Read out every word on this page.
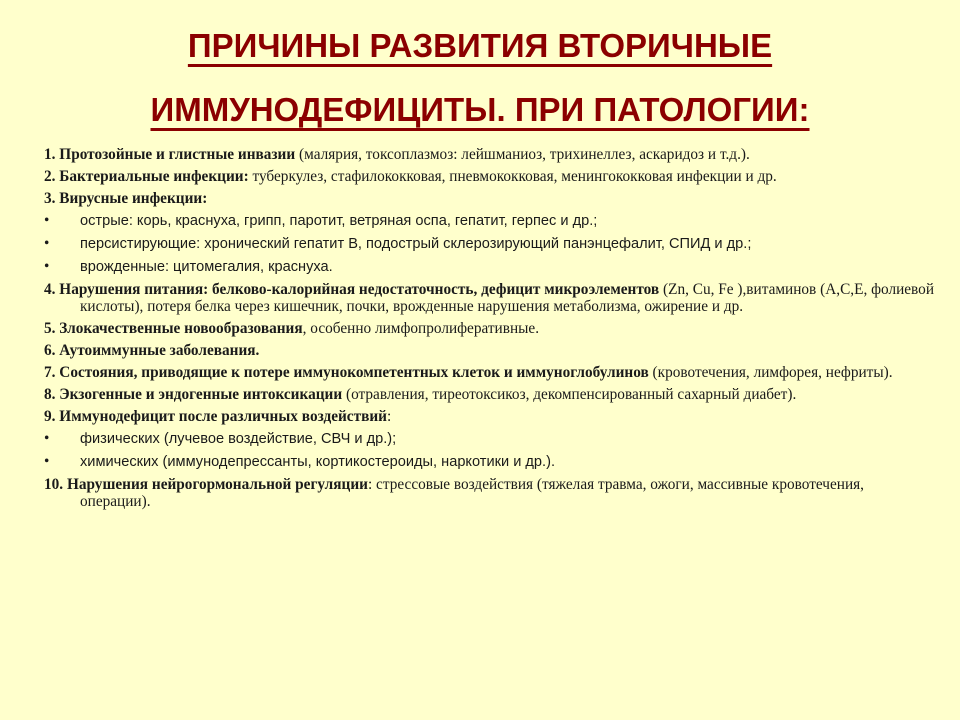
ПРИЧИНЫ РАЗВИТИЯ ВТОРИЧНЫЕ
ИММУНОДЕФИЦИТЫ. ПРИ ПАТОЛОГИИ:
1. Протозойные и глистные инвазии (малярия, токсоплазмоз: лейшманиоз, трихинеллез, аскаридоз и т.д.).
2. Бактериальные инфекции: туберкулез, стафилококковая, пневмококковая, менингококковая инфекции и др.
3. Вирусные инфекции:
•	острые: корь, краснуха, грипп, паротит, ветряная оспа, гепатит, герпес и др.;
•	персистирующие: хронический гепатит В, подострый склерозирующий панэнцефалит, СПИД и др.;
•	врожденные: цитомегалия, краснуха.
4. Нарушения питания: белково-калорийная недостаточность, дефицит микроэлементов (Zn, Cu, Fe ),витаминов (А,С,Е, фолиевой кислоты), потеря белка через кишечник, почки, врожденные нарушения метаболизма, ожирение и др.
5. Злокачественные новообразования, особенно лимфопролиферативные.
6. Аутоиммунные заболевания.
7. Состояния, приводящие к потере иммунокомпетентных клеток и иммуноглобулинов (кровотечения, лимфорея, нефриты).
8. Экзогенные и эндогенные интоксикации (отравления, тиреотоксикоз, декомпенсированный сахарный диабет).
9. Иммунодефицит после различных воздействий:
•	физических (лучевое воздействие, СВЧ и др.);
•	химических (иммунодепрессанты, кортикостероиды, наркотики и др.).
10. Нарушения нейрогормональной регуляции: стрессовые воздействия (тяжелая травма, ожоги, массивные кровотечения, операции).
